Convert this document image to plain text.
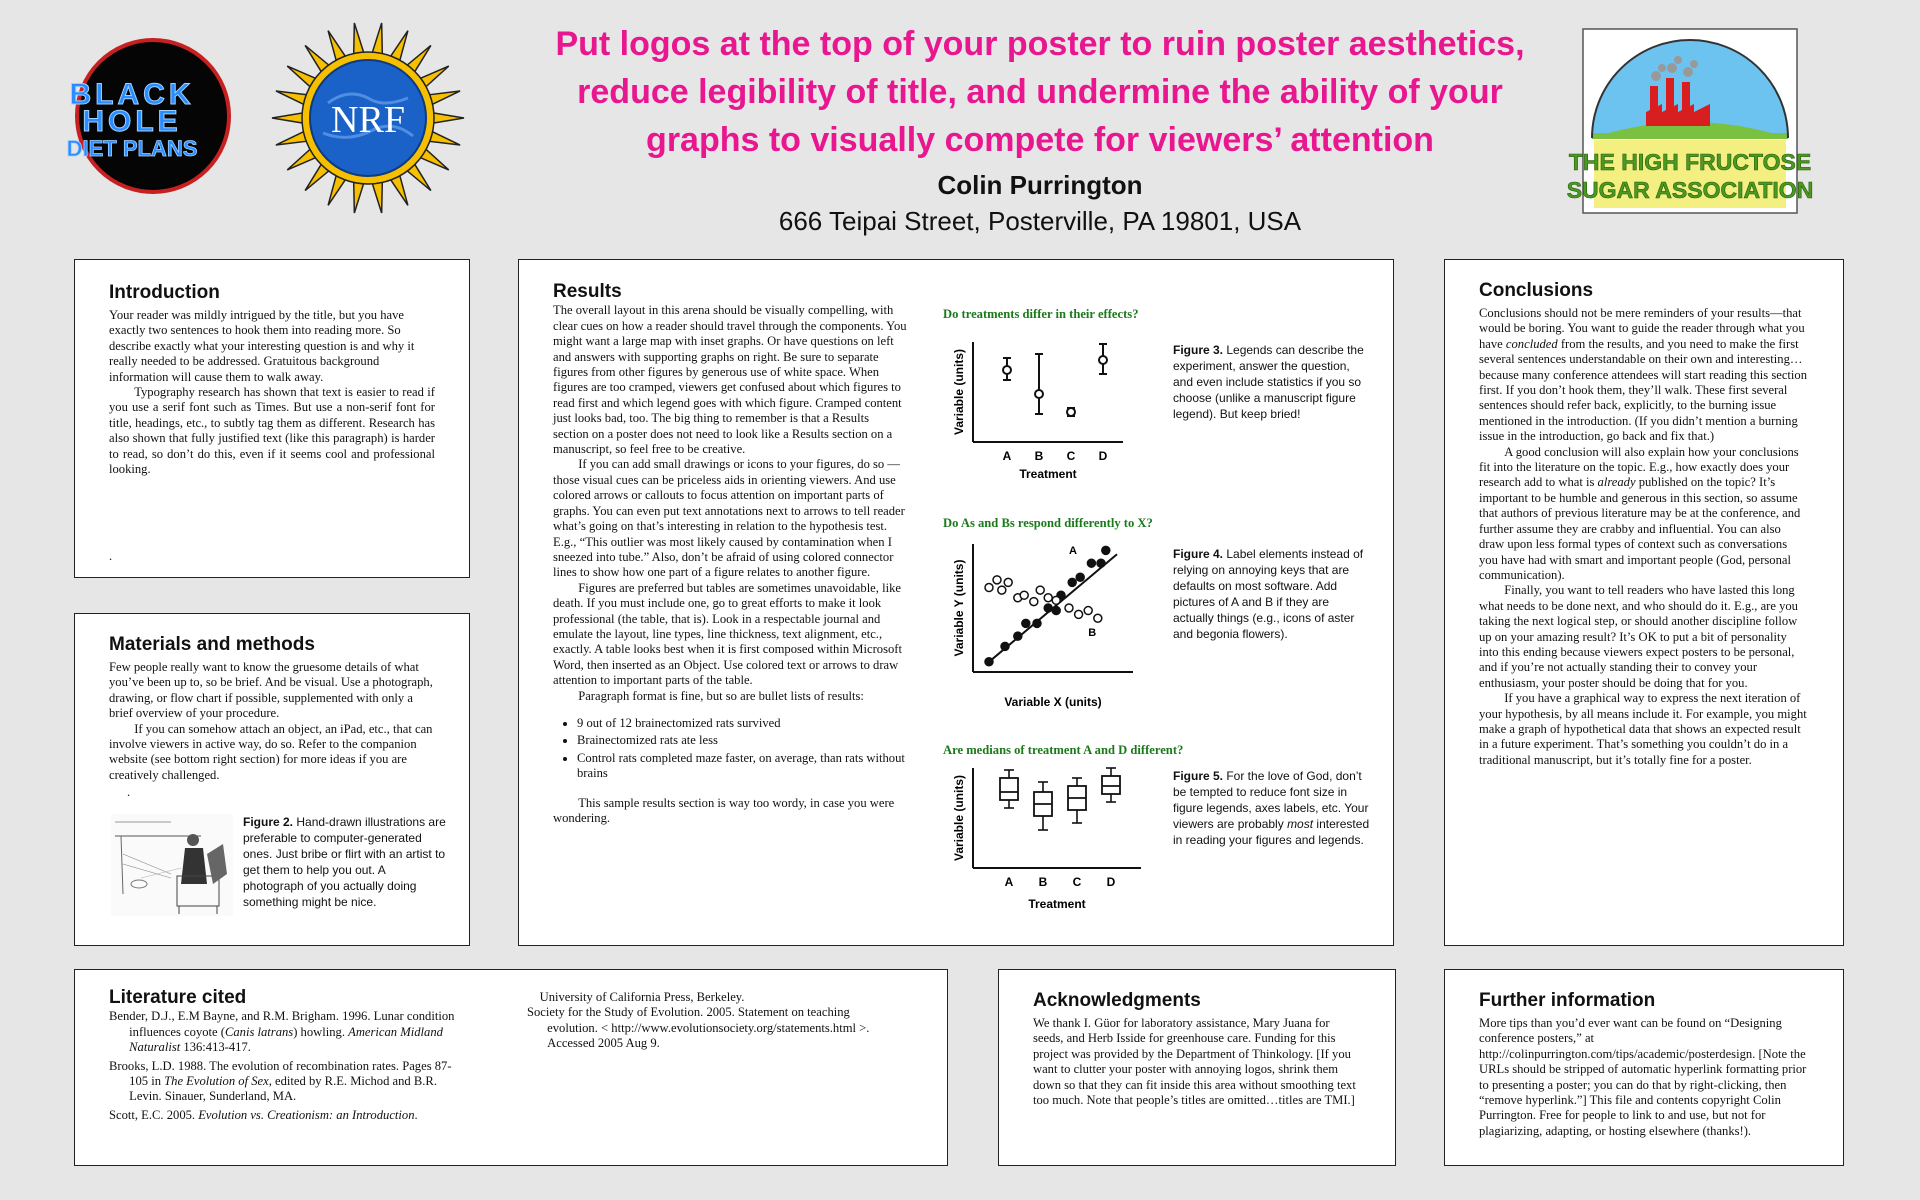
BLACK
HOLE
DIET PLANS
NRF
THE HIGH FRUCTOSE
SUGAR ASSOCIATION
Put logos at the top of your poster to ruin poster aesthetics,
reduce legibility of title, and undermine the ability of your
graphs to visually compete for viewers’ attention
Colin Purrington
666 Teipai Street, Posterville, PA 19801, USA
Introduction

Your reader was mildly intrigued by the title, but you have exactly two sentences to hook them into reading more. So describe exactly what your interesting question is and why it really needed to be addressed. Gratuitous background information will cause them to walk away.

Typography research has shown that text is easier to read if you use a serif font such as Times. But use a non-serif font for title, headings, etc., to subtly tag them as different. Research has also shown that fully justified text (like this paragraph) is harder to read, so don’t do this, even if it seems cool and professional looking.

.

Materials and methods

Few people really want to know the gruesome details of what you’ve been up to, so be brief. And be visual. Use a photograph, drawing, or flow chart if possible, supplemented with only a brief overview of your procedure.

If you can somehow attach an object, an iPad, etc., that can involve viewers in active way, do so. Refer to the companion website (see bottom right section) for more ideas if you are creatively challenged.

.

Figure 2. Hand-drawn illustrations are preferable to computer-generated ones. Just bribe or flirt with an artist to get them to help you out. A photograph of you actually doing something might be nice.

Results

The overall layout in this arena should be visually compelling, with clear cues on how a reader should travel through the components. You might want a large map with inset graphs. Or have questions on left and answers with supporting graphs on right. Be sure to separate figures from other figures by generous use of white space. When figures are too cramped, viewers get confused about which figures to read first and which legend goes with which figure. Cramped content just looks bad, too. The big thing to remember is that a Results section on a poster does not need to look like a Results section on a manuscript, so feel free to be creative.

If you can add small drawings or icons to your figures, do so — those visual cues can be priceless aids in orienting viewers. And use colored arrows or callouts to focus attention on important parts of graphs. You can even put text annotations next to arrows to tell reader what’s going on that’s interesting in relation to the hypothesis test. E.g., “This outlier was most likely caused by contamination when I sneezed into tube.” Also, don’t be afraid of using colored connector lines to show how one part of a figure relates to another figure.

Figures are preferred but tables are sometimes unavoidable, like death. If you must include one, go to great efforts to make it look professional (the table, that is). Look in a respectable journal and emulate the layout, line types, line thickness, text alignment, etc., exactly. A table looks best when it is first composed within Microsoft Word, then inserted as an Object. Use colored text or arrows to draw attention to important parts of the table.

Paragraph format is fine, but so are bullet lists of results:

• 9 out of 12 brainectomized rats survived
• Brainectomized rats ate less
• Control rats completed maze faster, on average, than rats without brains

This sample results section is way too wordy, in case you were wondering.

Do treatments differ in their effects?
Variable (units)
Treatment
A B C D

Figure 3. Legends can describe the experiment, answer the question, and even include statistics if you so choose (unlike a manuscript figure legend). But keep bried!

Do As and Bs respond differently to X?
Variable Y (units)
Variable X (units)
A
B

Figure 4. Label elements instead of relying on annoying keys that are defaults on most software. Add pictures of A and B if they are actually things (e.g., icons of aster and begonia flowers).

Are medians of treatment A and D different?
Variable (units)
Treatment
A B C D

Figure 5. For the love of God, don’t be tempted to reduce font size in figure legends, axes labels, etc. Your viewers are probably most interested in reading your figures and legends.

Conclusions

Conclusions should not be mere reminders of your results—that would be boring. You want to guide the reader through what you have concluded from the results, and you need to make the first several sentences understandable on their own and interesting…because many conference attendees will start reading this section first. If you don’t hook them, they’ll walk. These first several sentences should refer back, explicitly, to the burning issue mentioned in the introduction. (If you didn’t mention a burning issue in the introduction, go back and fix that.)

A good conclusion will also explain how your conclusions fit into the literature on the topic. E.g., how exactly does your research add to what is already published on the topic? It’s important to be humble and generous in this section, so assume that authors of previous literature may be at the conference, and further assume they are crabby and influential. You can also draw upon less formal types of context such as conversations you have had with smart and important people (God, personal communication).

Finally, you want to tell readers who have lasted this long what needs to be done next, and who should do it. E.g., are you taking the next logical step, or should another discipline follow up on your amazing result? It’s OK to put a bit of personality into this ending because viewers expect posters to be personal, and if you’re not actually standing their to convey your enthusiasm, your poster should be doing that for you.

If you have a graphical way to express the next iteration of your hypothesis, by all means include it. For example, you might make a graph of hypothetical data that shows an expected result in a future experiment. That’s something you couldn’t do in a traditional manuscript, but it’s totally fine for a poster.

Literature cited

Bender, D.J., E.M Bayne, and R.M. Brigham. 1996. Lunar condition influences coyote (Canis latrans) howling. American Midland Naturalist 136:413-417.

Brooks, L.D. 1988. The evolution of recombination rates. Pages 87-105 in The Evolution of Sex, edited by R.E. Michod and B.R. Levin. Sinauer, Sunderland, MA.

Scott, E.C. 2005. Evolution vs. Creationism: an Introduction.

University of California Press, Berkeley.

Society for the Study of Evolution. 2005. Statement on teaching evolution. < http://www.evolutionsociety.org/statements.html >. Accessed 2005 Aug 9.

Acknowledgments

We thank I. Güor for laboratory assistance, Mary Juana for seeds, and Herb Isside for greenhouse care. Funding for this project was provided by the Department of Thinkology. [If you want to clutter your poster with annoying logos, shrink them down so that they can fit inside this area without smoothing text too much. Note that people’s titles are omitted…titles are TMI.]

Further information

More tips than you’d ever want can be found on “Designing conference posters,” at http://colinpurrington.com/tips/academic/posterdesign. [Note the URLs should be stripped of automatic hyperlink formatting prior to presenting a poster; you can do that by right-clicking, then “remove hyperlink.”] This file and contents copyright Colin Purrington. Free for people to link to and use, but not for plagiarizing, adapting, or hosting elsewhere (thanks!).
